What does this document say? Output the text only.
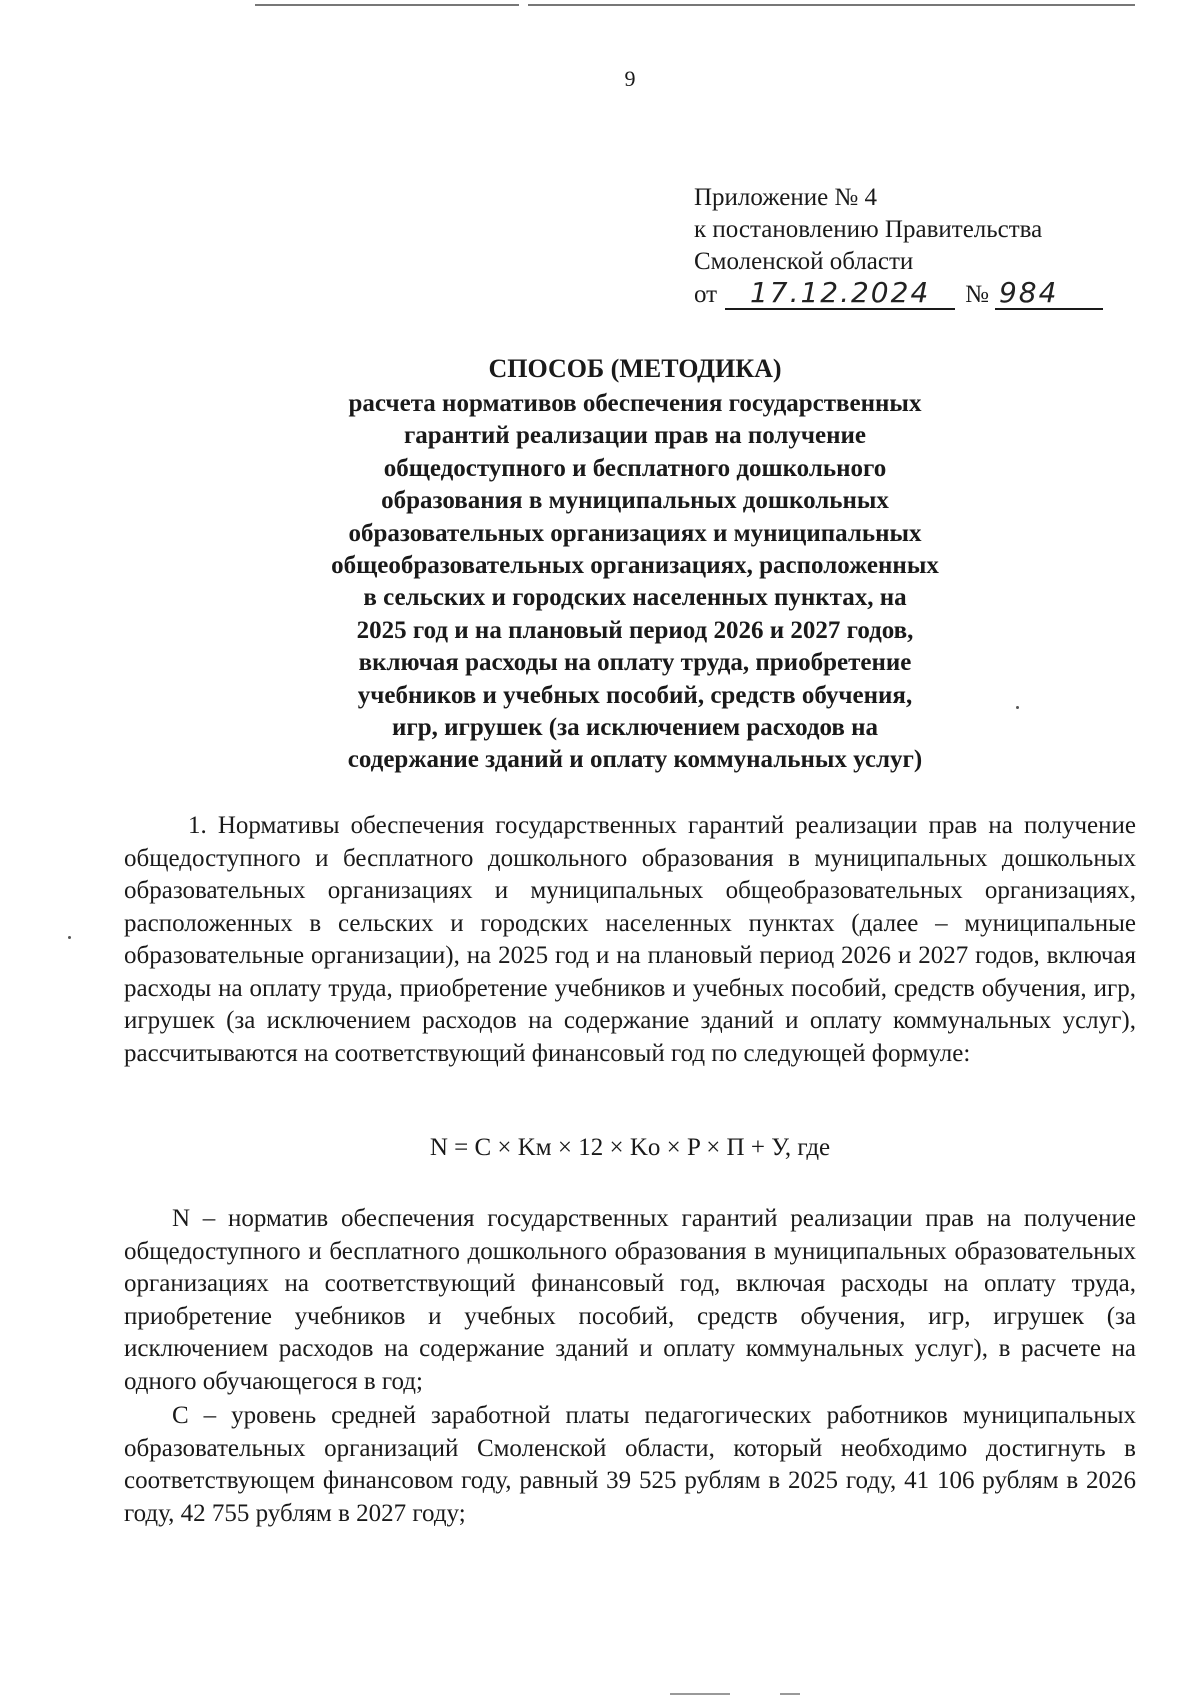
9
Приложение № 4
к постановлению Правительства
Смоленской области
от 17.12.2024 № 984
СПОСОБ (МЕТОДИКА)
расчета нормативов обеспечения государственных
гарантий реализации прав на получение
общедоступного и бесплатного дошкольного
образования в муниципальных дошкольных
образовательных организациях и муниципальных
общеобразовательных организациях, расположенных
в сельских и городских населенных пунктах, на
2025 год и на плановый период 2026 и 2027 годов,
включая расходы на оплату труда, приобретение
учебников и учебных пособий, средств обучения,
игр, игрушек (за исключением расходов на
содержание зданий и оплату коммунальных услуг)

1. Нормативы обеспечения государственных гарантий реализации прав на получение общедоступного и бесплатного дошкольного образования в муниципальных дошкольных образовательных организациях и муниципальных общеобразовательных организациях, расположенных в сельских и городских населенных пунктах (далее – муниципальные образовательные организации), на 2025 год и на плановый период 2026 и 2027 годов, включая расходы на оплату труда, приобретение учебников и учебных пособий, средств обучения, игр, игрушек (за исключением расходов на содержание зданий и оплату коммунальных услуг), рассчитываются на соответствующий финансовый год по следующей формуле:

N = C × Kм × 12 × Kо × P × П + У, где

N – норматив обеспечения государственных гарантий реализации прав на получение общедоступного и бесплатного дошкольного образования в муниципальных образовательных организациях на соответствующий финансовый год, включая расходы на оплату труда, приобретение учебников и учебных пособий, средств обучения, игр, игрушек (за исключением расходов на содержание зданий и оплату коммунальных услуг), в расчете на одного обучающегося в год;

C – уровень средней заработной платы педагогических работников муниципальных образовательных организаций Смоленской области, который необходимо достигнуть в соответствующем финансовом году, равный 39 525 рублям в 2025 году, 41 106 рублям в 2026 году, 42 755 рублям в 2027 году;
